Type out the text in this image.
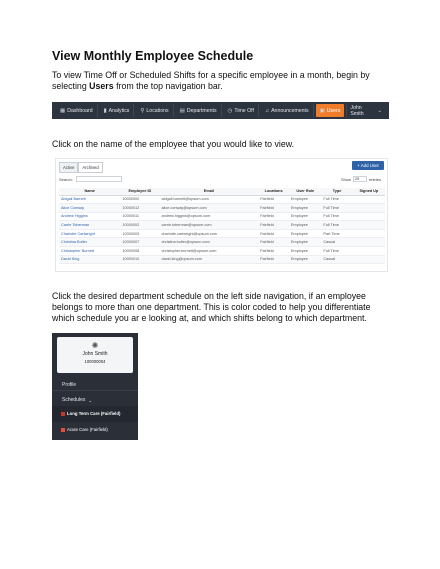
View Monthly Employee Schedule
To view Time Off or Scheduled Shifts for a specific employee in a month, begin by selecting Users from the top navigation bar.
▦ Dashboard ▮ Analytics ⚲ Locations ▤ Departments ◷ Time Off ♫ Announcements ▣ Users John Smith	⌄
Click on the name of the employee that you would like to view.
Active	Archived	+ Add User
Search:	Show	25	entries
Name	Employee ID	Email	Locations	User Role	Type	Signed Up
Abigail Barnett	10000000	abigail.barnett@opsum.com	Fairfield	Employee	Full Time	
Alice Conway	10000012	alice.conway@opsum.com	Fairfield	Employee	Full Time	
Andrew Higgins	10000011	andrew.higgins@opsum.com	Fairfield	Employee	Full Time	
Carrie Toberman	10000002	carrie.toberman@opsum.com	Fairfield	Employee	Full Time	
Charlotte Cartwright	10000003	charlotte.cartwright@opsum.com	Fairfield	Employee	Part Time	
Christina Butler	10000007	christina.butler@opsum.com	Fairfield	Employee	Casual	
Christopher Burnett	10000008	christopher.burnett@opsum.com	Fairfield	Employee	Full Time	
David King	10000010	david.king@opsum.com	Fairfield	Employee	Casual	
Click the desired department schedule on the left side navigation, if an employee belongs to more than one department. This is color coded to help you differentiate which schedule you ar e looking at, and which shifts belong to which department.
✺
John Smith
100000004
Profile
Schedules ⌄
Long Term Care (Fairfield)
Acute Care (Fairfield)
